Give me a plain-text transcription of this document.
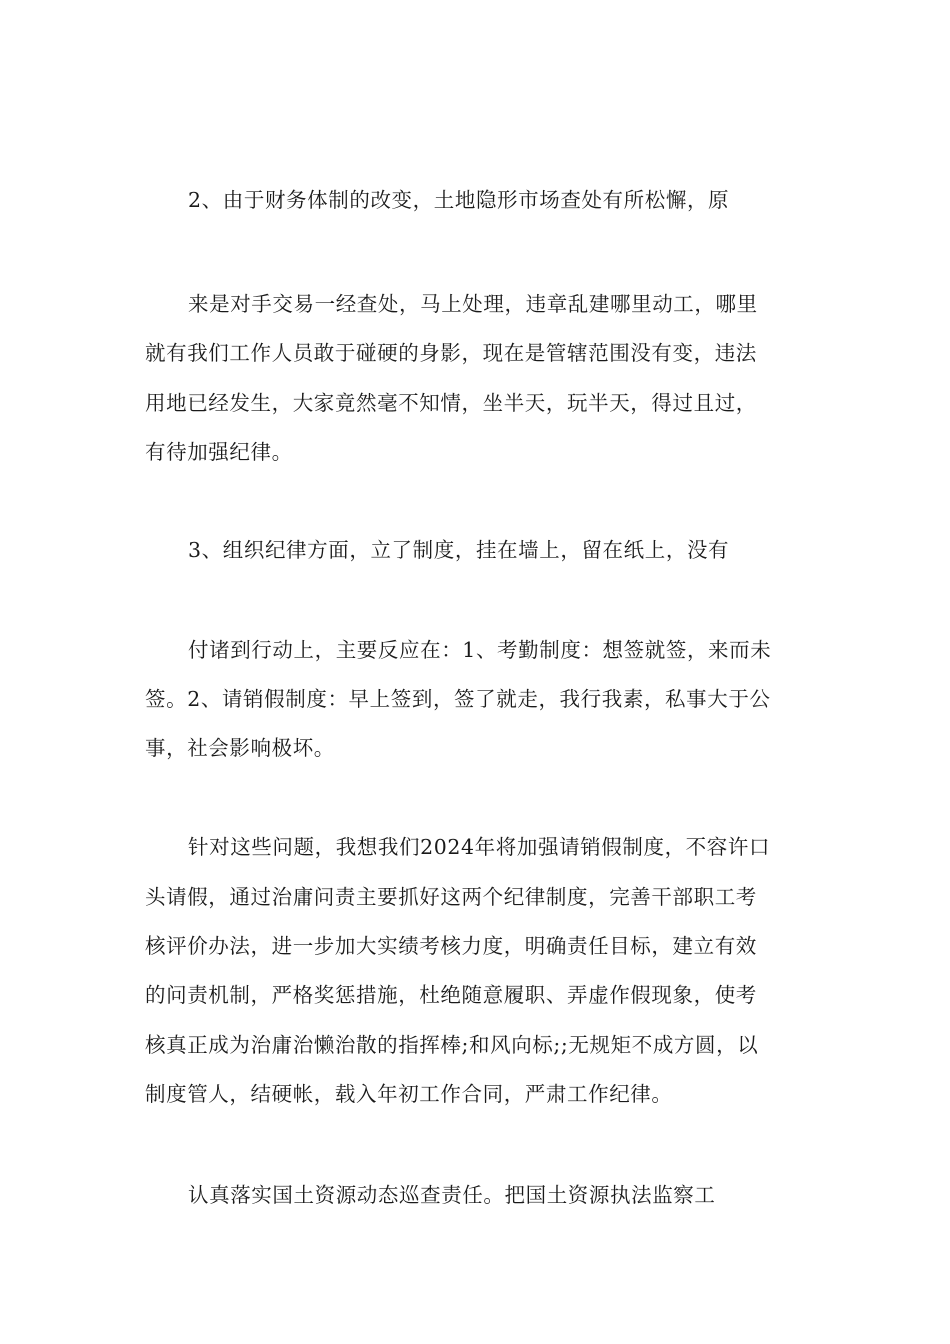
2、由于财务体制的改变，土地隐形市场查处有所松懈，原
来是对手交易一经查处，马上处理，违章乱建哪里动工，哪里
就有我们工作人员敢于碰硬的身影，现在是管辖范围没有变，违法
用地已经发生，大家竟然毫不知情，坐半天，玩半天，得过且过，
有待加强纪律。
3、组织纪律方面，立了制度，挂在墙上，留在纸上，没有
付诸到行动上，主要反应在：1、考勤制度：想签就签，来而未
签。2、请销假制度：早上签到，签了就走，我行我素，私事大于公
事，社会影响极坏。
针对这些问题，我想我们2024年将加强请销假制度，不容许口
头请假，通过治庸问责主要抓好这两个纪律制度，完善干部职工考
核评价办法，进一步加大实绩考核力度，明确责任目标，建立有效
的问责机制，严格奖惩措施，杜绝随意履职、弄虚作假现象，使考
核真正成为治庸治懒治散的指挥棒;和风向标;;无规矩不成方圆，以
制度管人，结硬帐，载入年初工作合同，严肃工作纪律。
认真落实国土资源动态巡查责任。把国土资源执法监察工
